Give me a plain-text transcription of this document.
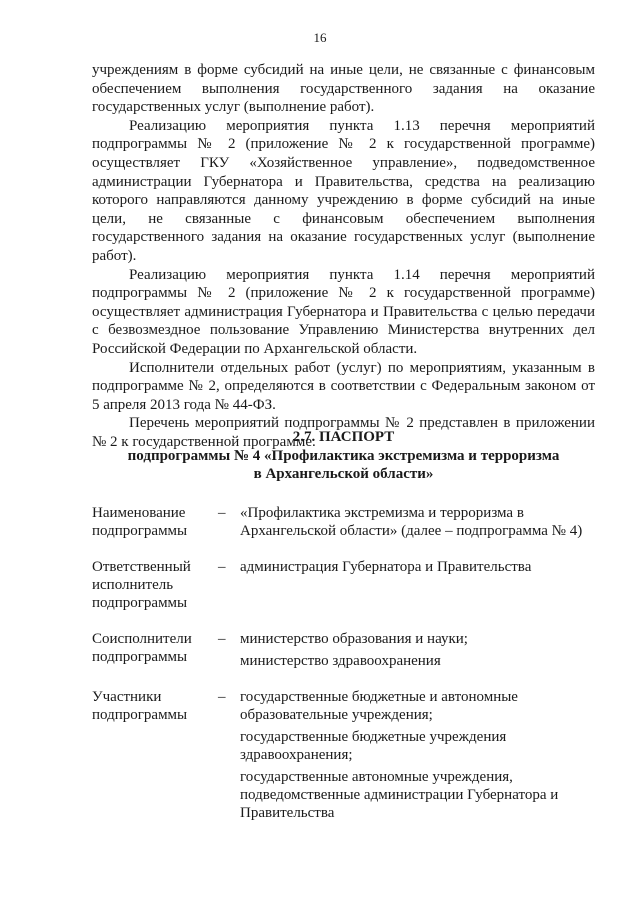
16

учреждениям в форме субсидий на иные цели, не связанные с финансовым обеспечением выполнения государственного задания на оказание государственных услуг (выполнение работ).

Реализацию мероприятия пункта 1.13 перечня мероприятий подпрограммы № 2 (приложение № 2 к государственной программе) осуществляет ГКУ «Хозяйственное управление», подведомственное администрации Губернатора и Правительства, средства на реализацию которого направляются данному учреждению в форме субсидий на иные цели, не связанные с финансовым обеспечением выполнения государственного задания на оказание государственных услуг (выполнение работ).

Реализацию мероприятия пункта 1.14 перечня мероприятий подпрограммы № 2 (приложение № 2 к государственной программе) осуществляет администрация Губернатора и Правительства с целью передачи с безвозмездное пользование Управлению Министерства внутренних дел Российской Федерации по Архангельской области.

Исполнители отдельных работ (услуг) по мероприятиям, указанным в подпрограмме № 2, определяются в соответствии с Федеральным законом от 5 апреля 2013 года № 44-ФЗ.

Перечень мероприятий подпрограммы № 2 представлен в приложении № 2 к государственной программе.

2.7. ПАСПОРТ
подпрограммы № 4 «Профилактика экстремизма и терроризма
в Архангельской области»
Наименование подпрограммы
– «Профилактика экстремизма и терроризма в Архангельской области» (далее – подпрограмма № 4)
Ответственный исполнитель подпрограммы
– администрация Губернатора и Правительства
Соисполнители подпрограммы
– министерство образования и науки;
министерство здравоохранения
Участники подпрограммы
– государственные бюджетные и автономные образовательные учреждения;
государственные бюджетные учреждения здравоохранения;
государственные автономные учреждения, подведомственные администрации Губернатора и Правительства
